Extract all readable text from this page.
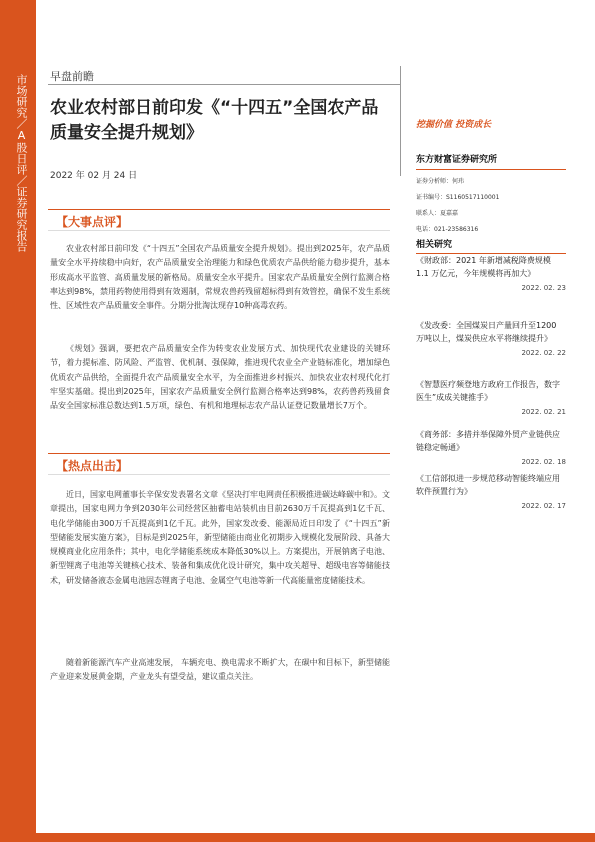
市场研究／A股日评／证券研究报告 早盘前瞻
农业农村部日前印发《“十四五”全国农产品质量安全提升规划》
2022 年 02 月 24 日
挖掘价值 投资成长
【大事点评】
农业农村部日前印发《“十四五”全国农产品质量安全提升规划》。提出到2025年，农产品质量安全水平持续稳中向好，农产品质量安全治理能力和绿色优质农产品供给能力稳步提升，基本形成高水平监管、高质量发展的新格局。质量安全水平提升。国家农产品质量安全例行监测合格率达到98%，禁用药物使用得到有效遏制，常规农兽药残留超标得到有效管控，确保不发生系统性、区域性农产品质量安全事件。分期分批淘汰现存10种高毒农药。
《规划》强调，要把农产品质量安全作为转变农业发展方式、加快现代农业建设的关键环节，着力提标准、防风险、严监管、优机制、强保障，推进现代农业全产业链标准化，增加绿色优质农产品供给，全面提升农产品质量安全水平，为全面推进乡村振兴、加快农业农村现代化打牢坚实基础。提出到2025年，国家农产品质量安全例行监测合格率达到98%，农药兽药残留食品安全国家标准总数达到1.5万项，绿色、有机和地理标志农产品认证登记数量增长7万个。
【热点出击】
近日，国家电网董事长辛保安发表署名文章《坚决打牢电网责任积极推进碳达峰碳中和》。文章提出，国家电网力争到2030年公司经营区抽蓄电站装机由目前2630万千瓦提高到1亿千瓦、电化学储能由300万千瓦提高到1亿千瓦。此外，国家发改委、能源局近日印发了《“十四五”新型储能发展实施方案》，目标是到2025年，新型储能由商业化初期步入规模化发展阶段、具备大规模商业化应用条件；其中，电化学储能系统成本降低30%以上。方案提出，开展钠离子电池、新型锂离子电池等关键核心技术、装备和集成优化设计研究，集中攻关超导、超级电容等储能技术，研发储备液态金属电池固态锂离子电池、金属空气电池等新一代高能量密度储能技术。
随着新能源汽车产业高速发展， 车辆充电、换电需求不断扩大，在碳中和目标下，新型储能产业迎来发展黄金期，产业龙头有望受益，建议重点关注。
东方财富证券研究所
证券分析师：何玮
证书编号：S1160517110001
联系人：夏嘉嘉
电话：021-23586316
相关研究
《财政部：2021 年新增减税降费规模 1.1 万亿元，今年规模将再加大》
2022. 02. 23
《发改委：全国煤炭日产量回升至1200 万吨以上，煤炭供应水平将继续提升》
2022. 02. 22
《智慧医疗频登地方政府工作报告，数字医生”成成关键推手》
2022. 02. 21
《商务部：多措并举保障外贸产业链供应链稳定畅通》
2022. 02. 18
《工信部拟进一步规范移动智能终端应用软件预置行为》
2022. 02. 17
